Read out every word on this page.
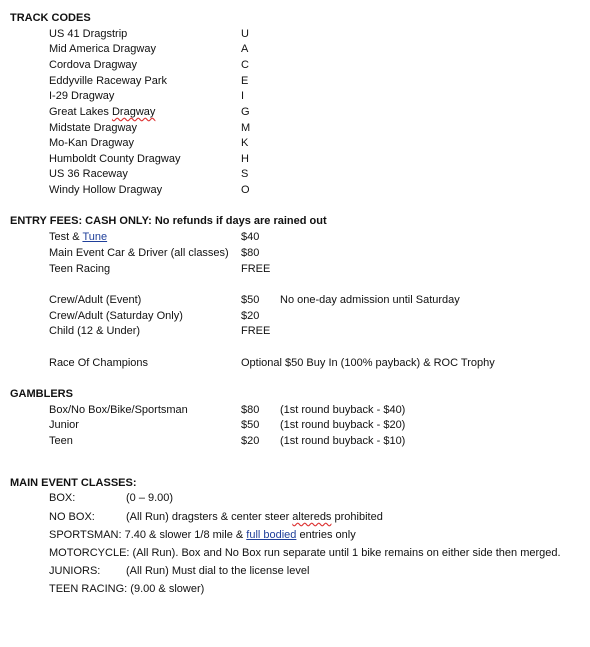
TRACK CODES
US 41 Dragstrip	U
Mid America Dragway	A
Cordova Dragway	C
Eddyville Raceway Park	E
I-29 Dragway	I
Great Lakes Dragway	G
Midstate Dragway	M
Mo-Kan Dragway	K
Humboldt County Dragway	H
US 36 Raceway	S
Windy Hollow Dragway	O
ENTRY FEES: CASH ONLY: No refunds if days are rained out
Test & Tune	$40
Main Event Car & Driver (all classes) $80
Teen Racing	FREE
Crew/Adult (Event)	$50 No one-day admission until Saturday
Crew/Adult (Saturday Only)	$20
Child (12 & Under)	FREE
Race Of Champions	Optional $50 Buy In (100% payback) & ROC Trophy
GAMBLERS
Box/No Box/Bike/Sportsman	$80 (1st round buyback - $40)
Junior	$50 (1st round buyback - $20)
Teen	$20 (1st round buyback - $10)
MAIN EVENT CLASSES:
BOX:	(0 – 9.00)
NO BOX:	(All Run) dragsters & center steer altereds prohibited
SPORTSMAN: 7.40 & slower 1/8 mile & full bodied entries only
MOTORCYCLE: (All Run). Box and No Box run separate until 1 bike remains on either side then merged.
JUNIORS: (All Run) Must dial to the license level
TEEN RACING: (9.00 & slower)
